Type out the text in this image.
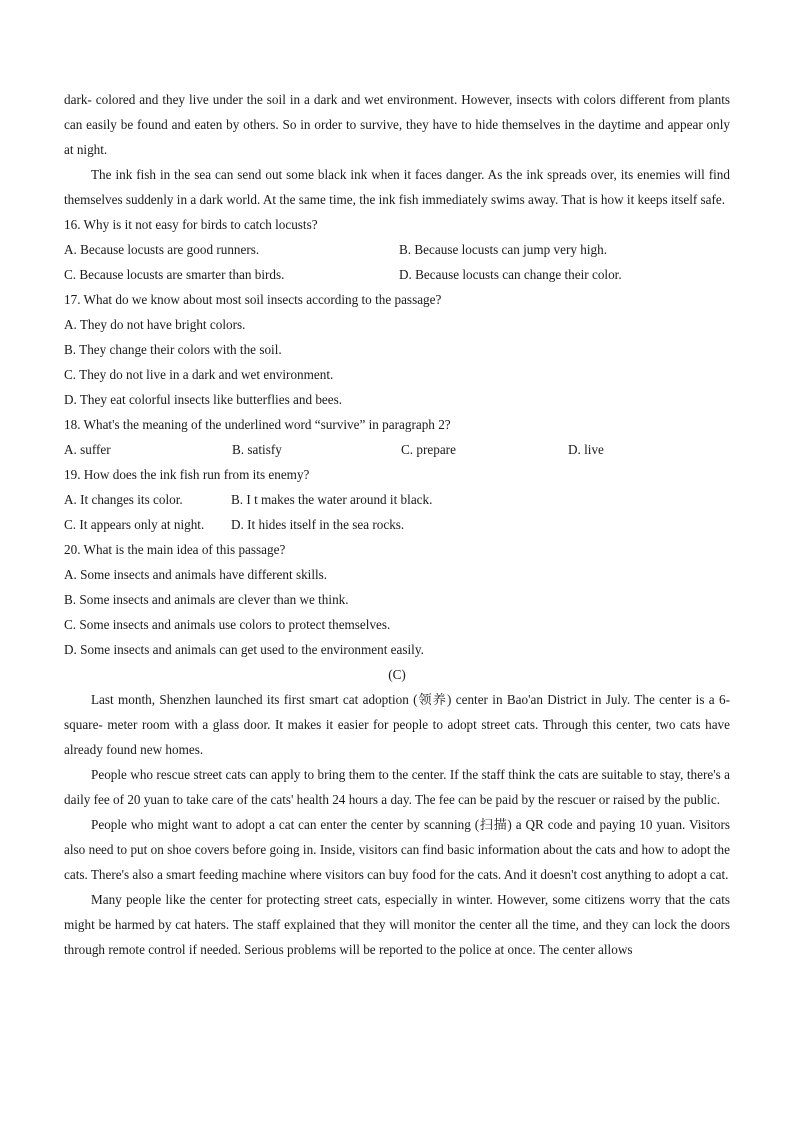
dark- colored and they live under the soil in a dark and wet environment. However, insects with colors different from plants can easily be found and eaten by others. So in order to survive, they have to hide themselves in the daytime and appear only at night.

The ink fish in the sea can send out some black ink when it faces danger. As the ink spreads over, its enemies will find themselves suddenly in a dark world. At the same time, the ink fish immediately swims away. That is how it keeps itself safe.

16. Why is it not easy for birds to catch locusts?

A. Because locusts are good runners.	B. Because locusts can jump very high.
C. Because locusts are smarter than birds.	D. Because locusts can change their color.

17. What do we know about most soil insects according to the passage?

A. They do not have bright colors.

B. They change their colors with the soil.

C. They do not live in a dark and wet environment.

D. They eat colorful insects like butterflies and bees.

18. What's the meaning of the underlined word “survive” in paragraph 2?

A. suffer	B. satisfy	C. prepare	D. live

19. How does the ink fish run from its enemy?

A. It changes its color.	B. I t makes the water around it black.
C. It appears only at night.	D. It hides itself in the sea rocks.

20. What is the main idea of this passage?

A. Some insects and animals have different skills.

B. Some insects and animals are clever than we think.

C. Some insects and animals use colors to protect themselves.

D. Some insects and animals can get used to the environment easily.

(C)

Last month, Shenzhen launched its first smart cat adoption (领养) center in Bao'an District in July. The center is a 6- square- meter room with a glass door. It makes it easier for people to adopt street cats. Through this center, two cats have already found new homes.

People who rescue street cats can apply to bring them to the center. If the staff think the cats are suitable to stay, there's a daily fee of 20 yuan to take care of the cats' health 24 hours a day. The fee can be paid by the rescuer or raised by the public.

People who might want to adopt a cat can enter the center by scanning (扫描) a QR code and paying 10 yuan. Visitors also need to put on shoe covers before going in. Inside, visitors can find basic information about the cats and how to adopt the cats. There's also a smart feeding machine where visitors can buy food for the cats. And it doesn't cost anything to adopt a cat.

Many people like the center for protecting street cats, especially in winter. However, some citizens worry that the cats might be harmed by cat haters. The staff explained that they will monitor the center all the time, and they can lock the doors through remote control if needed. Serious problems will be reported to the police at once. The center allows
